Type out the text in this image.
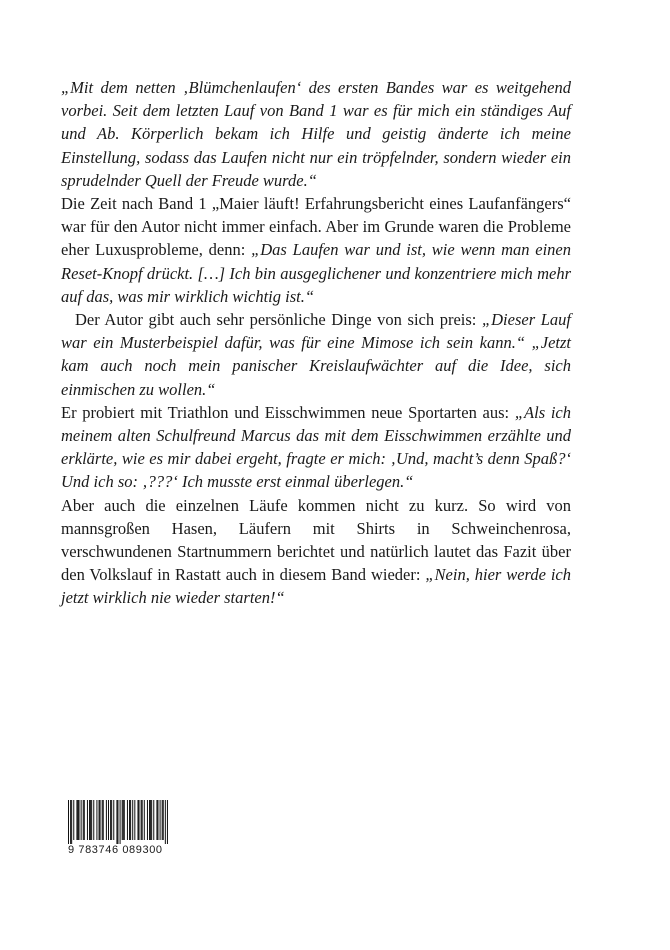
„Mit dem netten ‚Blümchenlaufen‘ des ersten Bandes war es weitgehend vorbei. Seit dem letzten Lauf von Band 1 war es für mich ein ständiges Auf und Ab. Körperlich bekam ich Hilfe und geistig änderte ich meine Einstellung, sodass das Laufen nicht nur ein tröpfelnder, sondern wieder ein sprudelnder Quell der Freude wurde.“

Die Zeit nach Band 1 „Maier läuft! Erfahrungsbericht eines Laufanfängers“ war für den Autor nicht immer einfach. Aber im Grunde waren die Probleme eher Luxusprobleme, denn: „Das Laufen war und ist, wie wenn man einen Reset-Knopf drückt. […] Ich bin ausgeglichener und konzentriere mich mehr auf das, was mir wirklich wichtig ist.“

Der Autor gibt auch sehr persönliche Dinge von sich preis: „Dieser Lauf war ein Musterbeispiel dafür, was für eine Mimose ich sein kann.“ „Jetzt kam auch noch mein panischer Kreislaufwächter auf die Idee, sich einmischen zu wollen.“

Er probiert mit Triathlon und Eisschwimmen neue Sportarten aus: „Als ich meinem alten Schulfreund Marcus das mit dem Eisschwimmen erzählte und erklärte, wie es mir dabei ergeht, fragte er mich: ‚Und, macht’s denn Spaß?‘ Und ich so: ‚???‘ Ich musste erst einmal überlegen.“

Aber auch die einzelnen Läufe kommen nicht zu kurz. So wird von mannsgroßen Hasen, Läufern mit Shirts in Schweinchenrosa, verschwundenen Startnummern berichtet und natürlich lautet das Fazit über den Volkslauf in Rastatt auch in diesem Band wieder: „Nein, hier werde ich jetzt wirklich nie wieder starten!“

9 783746 089300
